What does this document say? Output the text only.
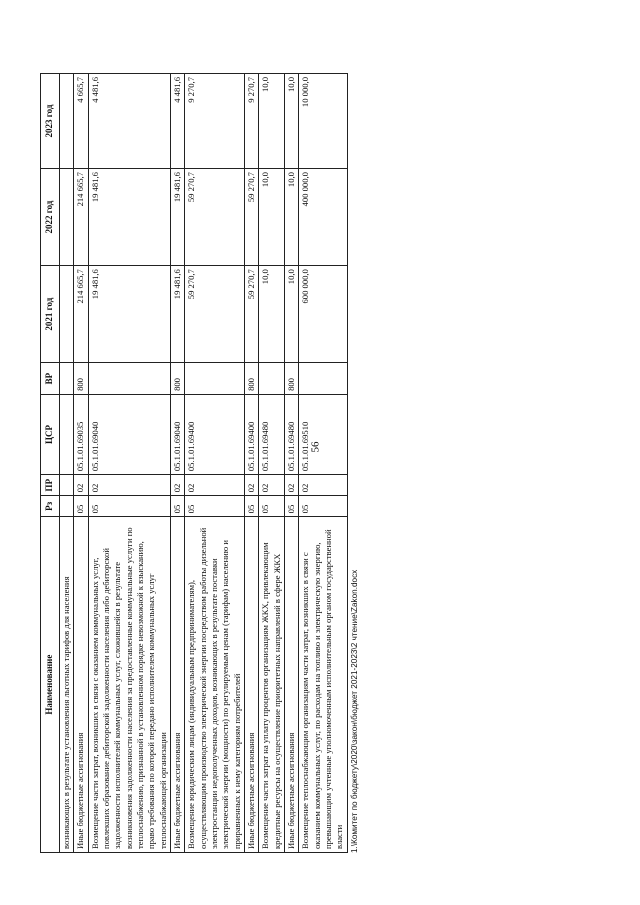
56
Наименование	Рз	ПР	ЦСР	ВР	2021 год	2022 год	2023 год
возникающих в результате установления льготных тарифов для населения							
Иные бюджетные ассигнования	05	02	05.1.01.69035	800	214 665,7	214 665,7	4 665,7
Возмещение части затрат, возникших в связи с оказанием коммунальных услуг, повлекших образование дебиторской задолженности населения либо дебиторской задолженности исполнителей коммунальных услуг, сложившейся в результате возникновения задолженности населения за предоставленные коммунальные услуги по теплоснабжению, признанной в установленном порядке невозможной к взысканию, право требования по которой передано исполнителем коммунальных услуг теплоснабжающей организации	05	02	05.1.01.69040		19 481,6	19 481,6	4 481,6
Иные бюджетные ассигнования	05	02	05.1.01.69040	800	19 481,6	19 481,6	4 481,6
Возмещение юридическим лицам (индивидуальным предпринимателям), осуществляющим производство электрической энергии посредством работы дизельной электростанции недополученных доходов, возникающих в результате поставки электрической энергии (мощности) по регулируемым ценам (тарифам) населению и приравненных к нему категориям потребителей	05	02	05.1.01.69400		59 270,7	59 270,7	9 270,7
Иные бюджетные ассигнования	05	02	05.1.01.69400	800	59 270,7	59 270,7	9 270,7
Возмещение части затрат на уплату процентов организациям ЖКХ, привлекающим кредитные ресурсы на осуществление приоритетных направлений в сфере ЖКХ	05	02	05.1.01.69480		10,0	10,0	10,0
Иные бюджетные ассигнования	05	02	05.1.01.69480	800	10,0	10,0	10,0
Возмещение теплоснабжающим организациям части затрат, возникших в связи с оказанием коммунальных услуг, по расходам на топливо и электрическую энергию, превышающим учтенные уполномоченным исполнительным органом государственной власти	05	02	05.1.01.69510		600 000,0	400 000,0	10 000,0
1.\Комитет по бюджету\2020\закон\бюджет 2021-2023\2 чтение\Zakon.docx
